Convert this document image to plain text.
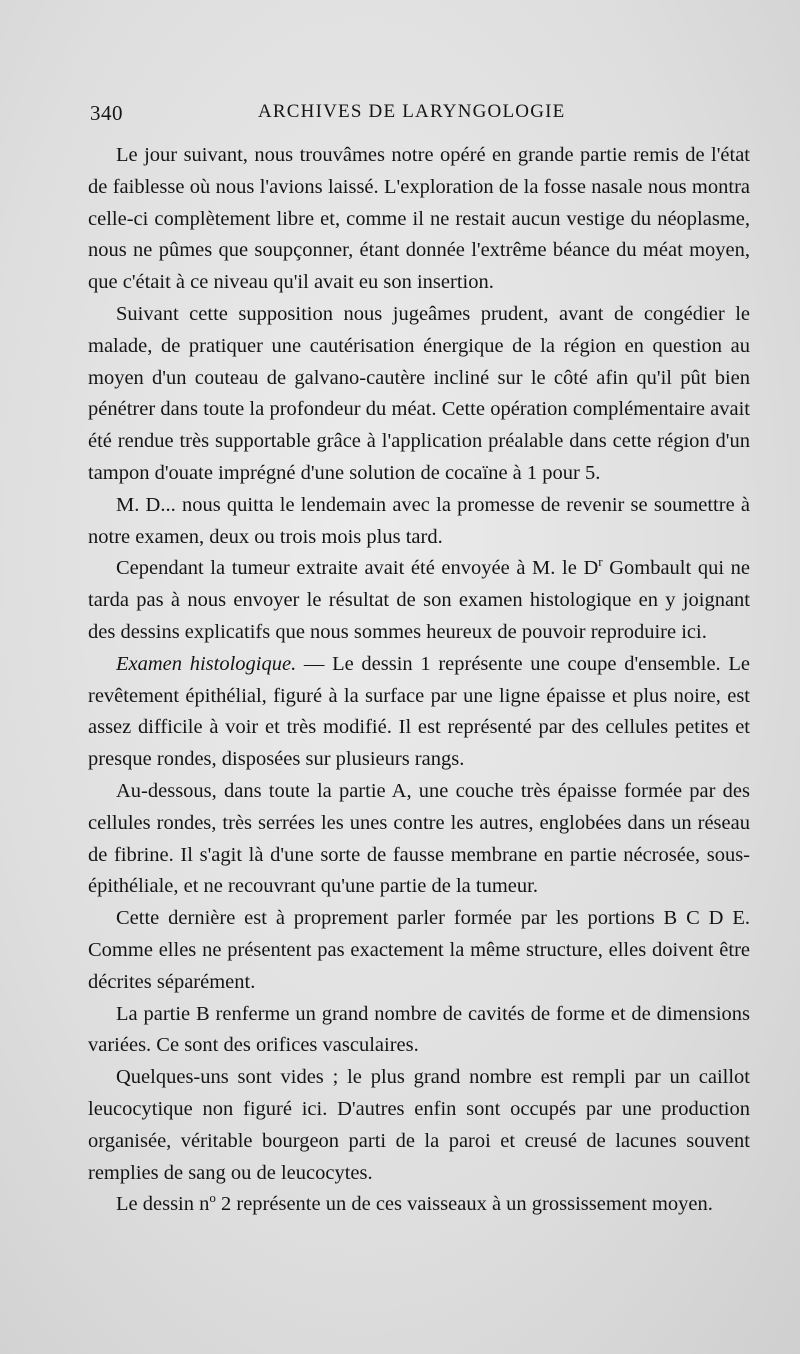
340	ARCHIVES DE LARYNGOLOGIE

Le jour suivant, nous trouvâmes notre opéré en grande partie remis de l'état de faiblesse où nous l'avions laissé. L'exploration de la fosse nasale nous montra celle-ci complètement libre et, comme il ne restait aucun vestige du néoplasme, nous ne pûmes que soupçonner, étant donnée l'extrême béance du méat moyen, que c'était à ce niveau qu'il avait eu son insertion.

Suivant cette supposition nous jugeâmes prudent, avant de congédier le malade, de pratiquer une cautérisation énergique de la région en question au moyen d'un couteau de galvano-cautère incliné sur le côté afin qu'il pût bien pénétrer dans toute la profondeur du méat. Cette opération complémentaire avait été rendue très supportable grâce à l'application préalable dans cette région d'un tampon d'ouate imprégné d'une solution de cocaïne à 1 pour 5.

M. D... nous quitta le lendemain avec la promesse de revenir se soumettre à notre examen, deux ou trois mois plus tard.

Cependant la tumeur extraite avait été envoyée à M. le $D^r$ Gombault qui ne tarda pas à nous envoyer le résultat de son examen histologique en y joignant des dessins explicatifs que nous sommes heureux de pouvoir reproduire ici.

Examen histologique. — Le dessin 1 représente une coupe d'ensemble. Le revêtement épithélial, figuré à la surface par une ligne épaisse et plus noire, est assez difficile à voir et très modifié. Il est représenté par des cellules petites et presque rondes, disposées sur plusieurs rangs.

Au-dessous, dans toute la partie A, une couche très épaisse formée par des cellules rondes, très serrées les unes contre les autres, englobées dans un réseau de fibrine. Il s'agit là d'une sorte de fausse membrane en partie nécrosée, sous-épithéliale, et ne recouvrant qu'une partie de la tumeur.

Cette dernière est à proprement parler formée par les portions B C D E. Comme elles ne présentent pas exactement la même structure, elles doivent être décrites séparément.

La partie B renferme un grand nombre de cavités de forme et de dimensions variées. Ce sont des orifices vasculaires.

Quelques-uns sont vides ; le plus grand nombre est rempli par un caillot leucocytique non figuré ici. D'autres enfin sont occupés par une production organisée, véritable bourgeon parti de la paroi et creusé de lacunes souvent remplies de sang ou de leucocytes.

Le dessin $n^o$ 2 représente un de ces vaisseaux à un grossissement moyen.
